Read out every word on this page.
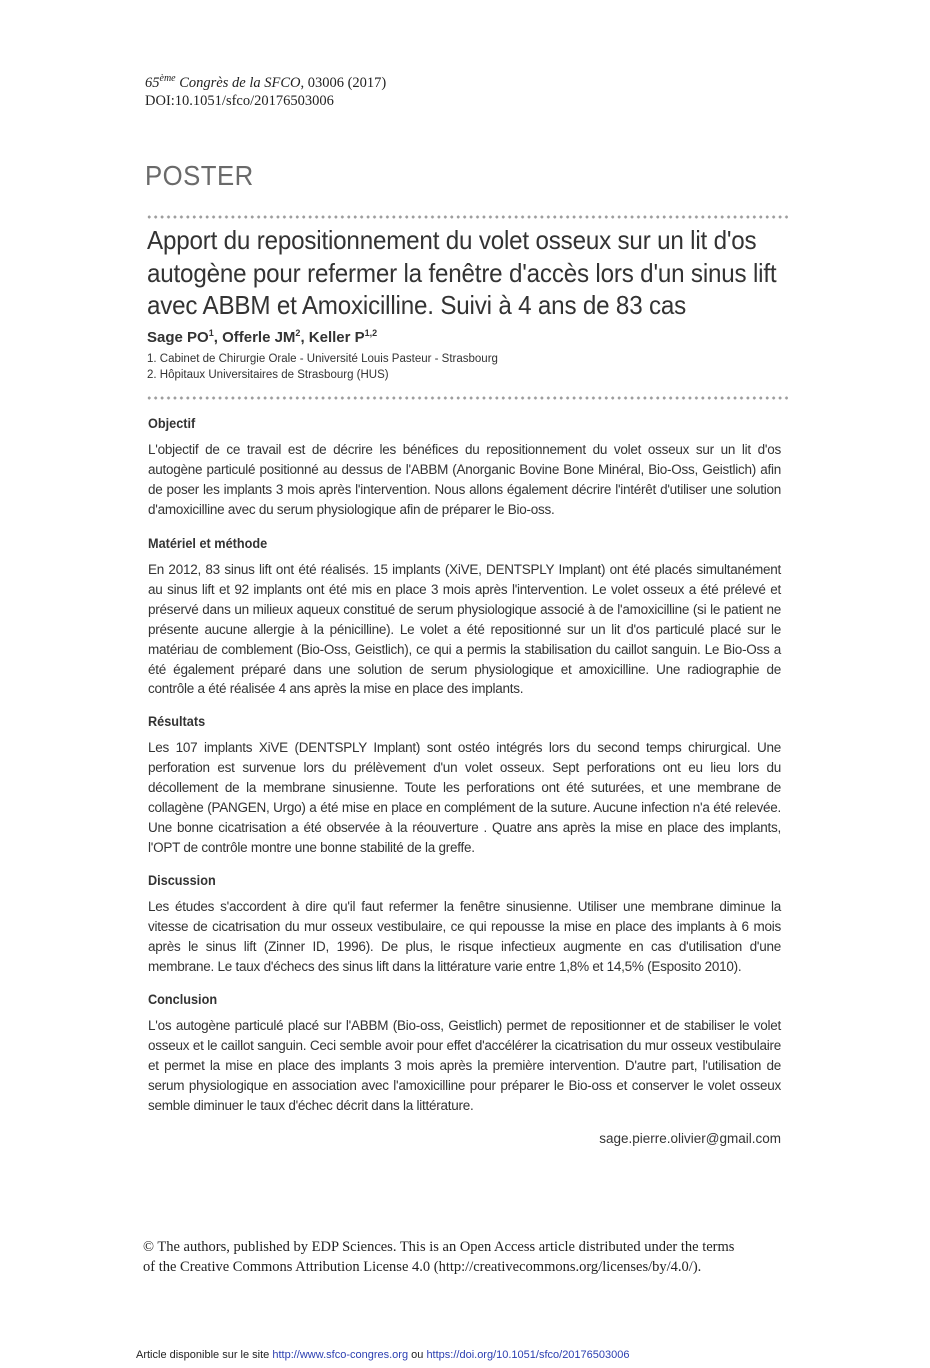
65ème Congrès de la SFCO, 03006 (2017)
DOI:10.1051/sfco/20176503006
POSTER
Apport du repositionnement du volet osseux sur un lit d'os
autogène pour refermer la fenêtre d'accès lors d'un sinus lift
avec ABBM et Amoxicilline. Suivi à 4 ans de 83 cas
Sage $PO^1$, Offerle $JM^2$, Keller P$^{1,2}$
1. Cabinet de Chirurgie Orale - Université Louis Pasteur - Strasbourg
2. Hôpitaux Universitaires de Strasbourg (HUS)
Objectif

L'objectif de ce travail est de décrire les bénéfices du repositionnement du volet osseux sur un lit d'os autogène particulé positionné au dessus de l'ABBM (Anorganic Bovine Bone Minéral, Bio-Oss, Geistlich) afin de poser les implants 3 mois après l'intervention. Nous allons également décrire l'intérêt d'utiliser une solution d'amoxicilline avec du serum physiologique afin de préparer le Bio-oss.

Matériel et méthode

En 2012, 83 sinus lift ont été réalisés. 15 implants (XiVE, DENTSPLY Implant) ont été placés simultanément au sinus lift et 92 implants ont été mis en place 3 mois après l'intervention. Le volet osseux a été prélevé et préservé dans un milieux aqueux constitué de serum physiologique associé à de l'amoxicilline (si le patient ne présente aucune allergie à la pénicilline). Le volet a été repositionné sur un lit d'os particulé placé sur le matériau de comblement (Bio-Oss, Geistlich), ce qui a permis la stabilisation du caillot sanguin. Le Bio-Oss a été également préparé dans une solution de serum physiologique et amoxicilline. Une radiographie de contrôle a été réalisée 4 ans après la mise en place des implants.

Résultats

Les 107 implants XiVE (DENTSPLY Implant) sont ostéo intégrés lors du second temps chirurgical. Une perforation est survenue lors du prélèvement d'un volet osseux. Sept perforations ont eu lieu lors du décollement de la membrane sinusienne. Toute les perforations ont été suturées, et une membrane de collagène (PANGEN, Urgo) a été mise en place en complément de la suture. Aucune infection n'a été relevée. Une bonne cicatrisation a été observée à la réouverture . Quatre ans après la mise en place des implants, l'OPT de contrôle montre une bonne stabilité de la greffe.

Discussion

Les études s'accordent à dire qu'il faut refermer la fenêtre sinusienne. Utiliser une membrane diminue la vitesse de cicatrisation du mur osseux vestibulaire, ce qui repousse la mise en place des implants à 6 mois après le sinus lift (Zinner ID, 1996). De plus, le risque infectieux augmente en cas d'utilisation d'une membrane. Le taux d'échecs des sinus lift dans la littérature varie entre 1,8% et 14,5% (Esposito 2010).

Conclusion

L'os autogène particulé placé sur l'ABBM (Bio-oss, Geistlich) permet de repositionner et de stabiliser le volet osseux et le caillot sanguin. Ceci semble avoir pour effet d'accélérer la cicatrisation du mur osseux vestibulaire et permet la mise en place des implants 3 mois après la première intervention. D'autre part, l'utilisation de serum physiologique en association avec l'amoxicilline pour préparer le Bio-oss et conserver le volet osseux semble diminuer le taux d'échec décrit dans la littérature.

sage.pierre.olivier@gmail.com
© The authors, published by EDP Sciences. This is an Open Access article distributed under the terms
of the Creative Commons Attribution License 4.0 (http://creativecommons.org/licenses/by/4.0/).
Article disponible sur le site http://www.sfco-congres.org ou https://doi.org/10.1051/sfco/20176503006
